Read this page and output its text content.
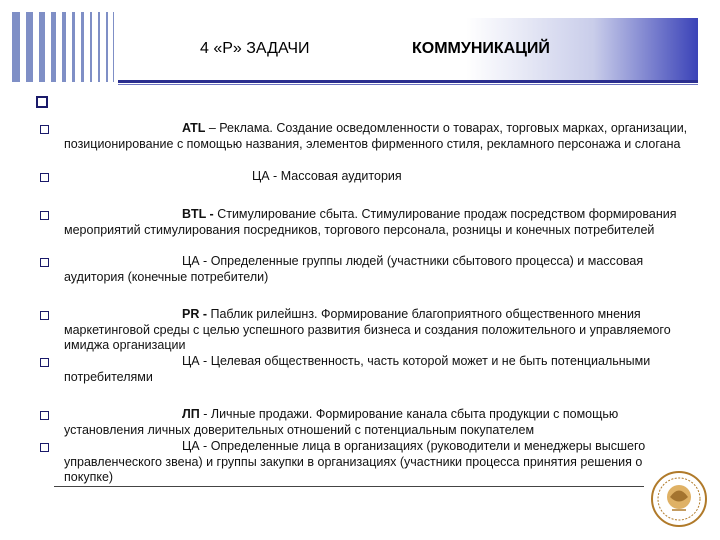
4 «P» ЗАДАЧИ	КОММУНИКАЦИЙ
ATL – Реклама. Создание осведомленности о товарах, торговых марках, организации, позиционирование с помощью названия, элементов фирменного стиля, рекламного персонажа и слогана
ЦА - Массовая аудитория
BTL - Стимулирование сбыта. Стимулирование продаж посредством формирования мероприятий стимулирования посредников, торгового персонала, розницы и конечных потребителей
ЦА - Определенные группы людей (участники сбытового процесса) и массовая аудитория (конечные потребители)
PR - Паблик рилейшнз. Формирование благоприятного общественного мнения маркетинговой среды с целью успешного развития бизнеса и создания положительного и управляемого имиджа организации
ЦА - Целевая общественность, часть которой может и не быть потенциальными потребителями
ЛП - Личные продажи. Формирование канала сбыта продукции с помощью установления личных доверительных отношений с потенциальным покупателем
ЦА - Определенные лица в организациях (руководители и менеджеры высшего управленческого звена) и группы закупки в организациях (участники процесса принятия решения о покупке)
